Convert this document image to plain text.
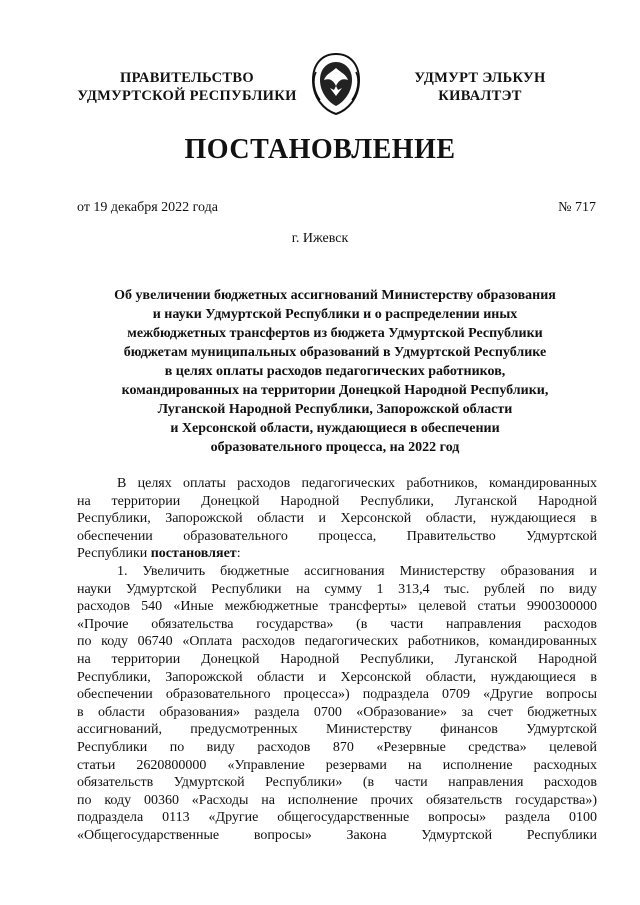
ПРАВИТЕЛЬСТВО
УДМУРТСКОЙ РЕСПУБЛИКИ
УДМУРТ ЭЛЬКУН
КИВАЛТЭТ
ПОСТАНОВЛЕНИЕ
от 19 декабря 2022 года	№ 717
г. Ижевск
Об увеличении бюджетных ассигнований Министерству образования
и науки Удмуртской Республики и о распределении иных
межбюджетных трансфертов из бюджета Удмуртской Республики
бюджетам муниципальных образований в Удмуртской Республике
в целях оплаты расходов педагогических работников,
командированных на территории Донецкой Народной Республики,
Луганской Народной Республики, Запорожской области
и Херсонской области, нуждающиеся в обеспечении
образовательного процесса, на 2022 год
В целях оплаты расходов педагогических работников, командированных
на территории Донецкой Народной Республики, Луганской Народной
Республики, Запорожской области и Херсонской области, нуждающиеся в
обеспечении образовательного процесса, Правительство Удмуртской
Республики постановляет:
1. Увеличить бюджетные ассигнования Министерству образования и
науки Удмуртской Республики на сумму 1 313,4 тыс. рублей по виду
расходов 540 «Иные межбюджетные трансферты» целевой статьи 9900300000
«Прочие обязательства государства» (в части направления расходов
по коду 06740 «Оплата расходов педагогических работников, командированных
на территории Донецкой Народной Республики, Луганской Народной
Республики, Запорожской области и Херсонской области, нуждающиеся в
обеспечении образовательного процесса») подраздела 0709 «Другие вопросы
в области образования» раздела 0700 «Образование» за счет бюджетных
ассигнований, предусмотренных Министерству финансов Удмуртской
Республики по виду расходов 870 «Резервные средства» целевой
статьи 2620800000 «Управление резервами на исполнение расходных
обязательств Удмуртской Республики» (в части направления расходов
по коду 00360 «Расходы на исполнение прочих обязательств государства»)
подраздела 0113 «Другие общегосударственные вопросы» раздела 0100
«Общегосударственные вопросы» Закона Удмуртской Республики
